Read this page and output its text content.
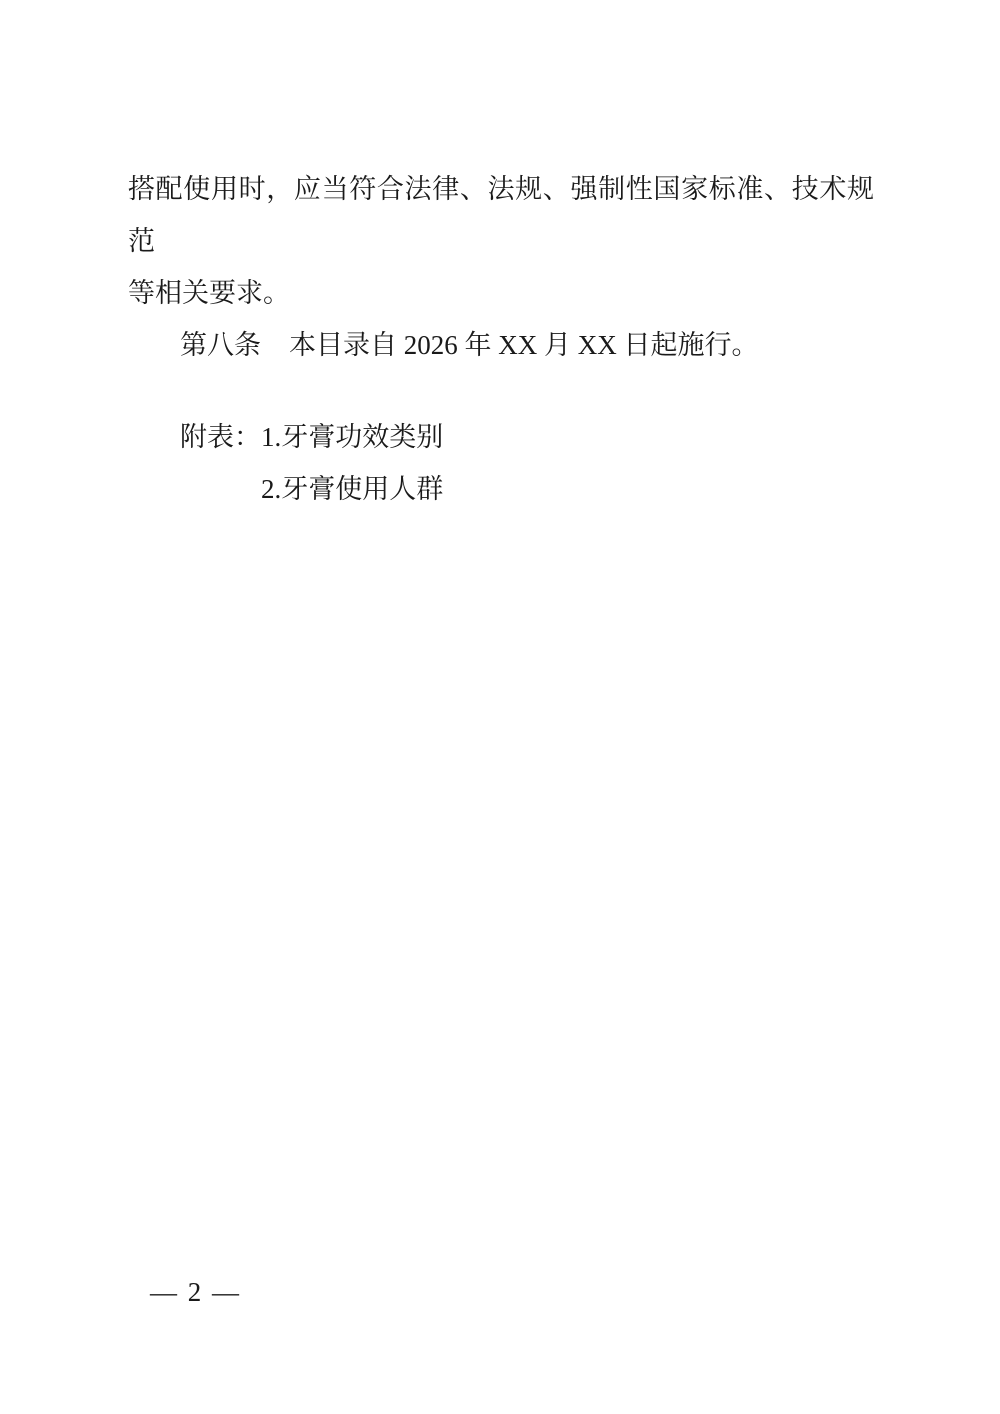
搭配使用时，应当符合法律、法规、强制性国家标准、技术规范
等相关要求。
第八条 本目录自 2026 年 XX 月 XX 日起施行。
附表： 1.牙膏功效类别
2.牙膏使用人群
— 2 —
